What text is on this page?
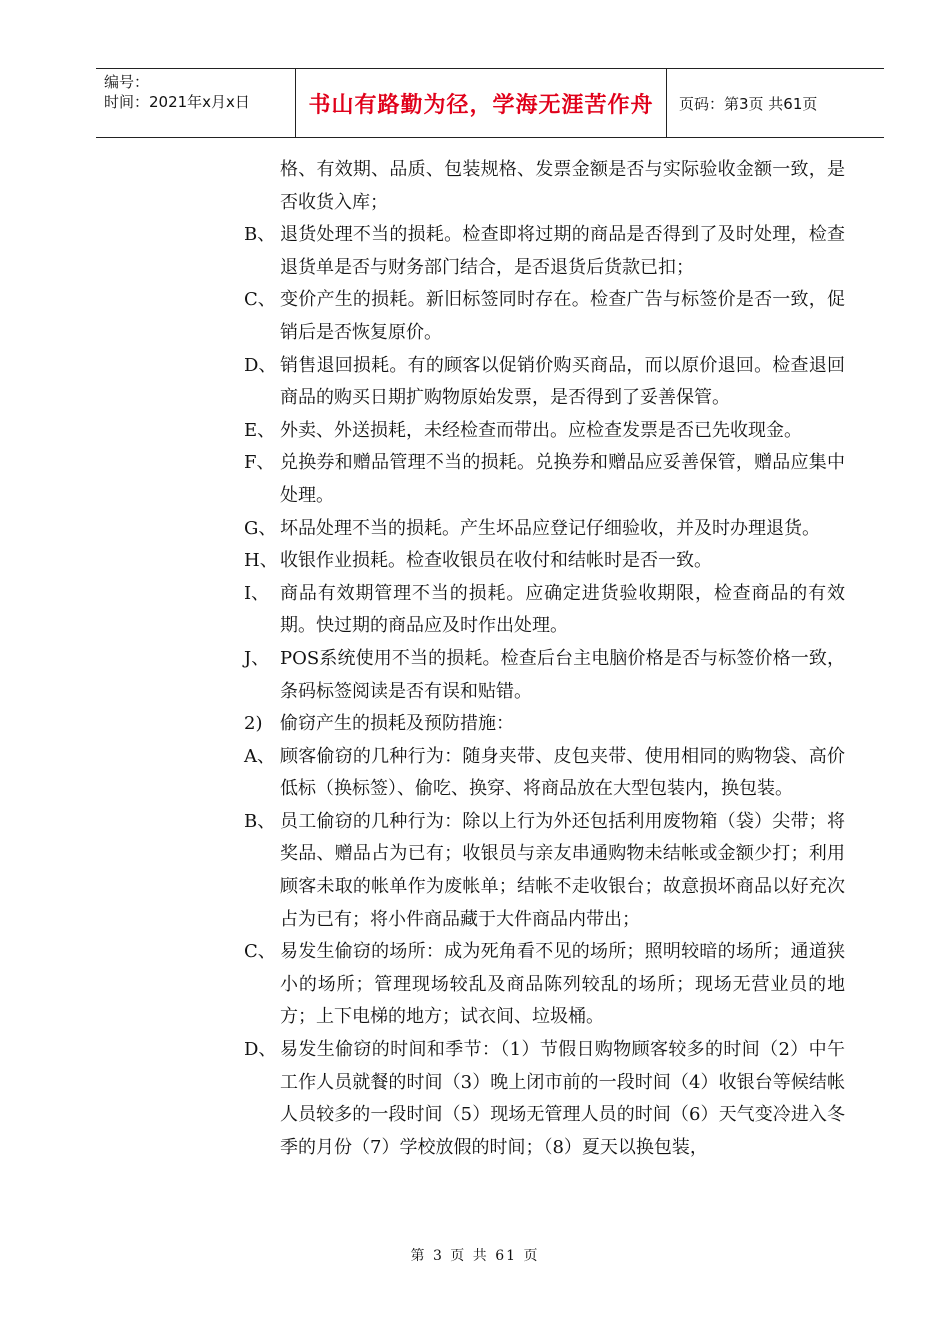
编号：
时间：2021年x月x日	书山有路勤为径，学海无涯苦作舟	页码：第3页 共61页
格、有效期、品质、包装规格、发票金额是否与实际验收金额一致，是否收货入库；
B、 退货处理不当的损耗。检查即将过期的商品是否得到了及时处理，检查退货单是否与财务部门结合，是否退货后货款已扣；
C、 变价产生的损耗。新旧标签同时存在。检查广告与标签价是否一致，促销后是否恢复原价。
D、 销售退回损耗。有的顾客以促销价购买商品，而以原价退回。检查退回商品的购买日期扩购物原始发票，是否得到了妥善保管。
E、 外卖、外送损耗，未经检查而带出。应检查发票是否已先收现金。
F、 兑换券和赠品管理不当的损耗。兑换券和赠品应妥善保管，赠品应集中处理。
G、 坏品处理不当的损耗。产生坏品应登记仔细验收，并及时办理退货。
H、 收银作业损耗。检查收银员在收付和结帐时是否一致。
I、 商品有效期管理不当的损耗。应确定进货验收期限，检查商品的有效期。快过期的商品应及时作出处理。
J、 POS系统使用不当的损耗。检查后台主电脑价格是否与标签价格一致，条码标签阅读是否有误和贴错。
2) 偷窃产生的损耗及预防措施：
A、 顾客偷窃的几种行为：随身夹带、皮包夹带、使用相同的购物袋、高价低标（换标签）、偷吃、换穿、将商品放在大型包装内，换包装。
B、 员工偷窃的几种行为：除以上行为外还包括利用废物箱（袋）尖带；将奖品、赠品占为已有；收银员与亲友串通购物未结帐或金额少打；利用顾客未取的帐单作为废帐单；结帐不走收银台；故意损坏商品以好充次占为已有；将小件商品藏于大件商品内带出；
C、 易发生偷窃的场所：成为死角看不见的场所；照明较暗的场所；通道狭小的场所；管理现场较乱及商品陈列较乱的场所；现场无营业员的地方；上下电梯的地方；试衣间、垃圾桶。
D、 易发生偷窃的时间和季节：（1）节假日购物顾客较多的时间（2）中午工作人员就餐的时间（3）晚上闭市前的一段时间（4）收银台等候结帐人员较多的一段时间（5）现场无管理人员的时间（6）天气变冷进入冬季的月份（7）学校放假的时间；（8）夏天以换包装，
第 3 页 共 61 页
